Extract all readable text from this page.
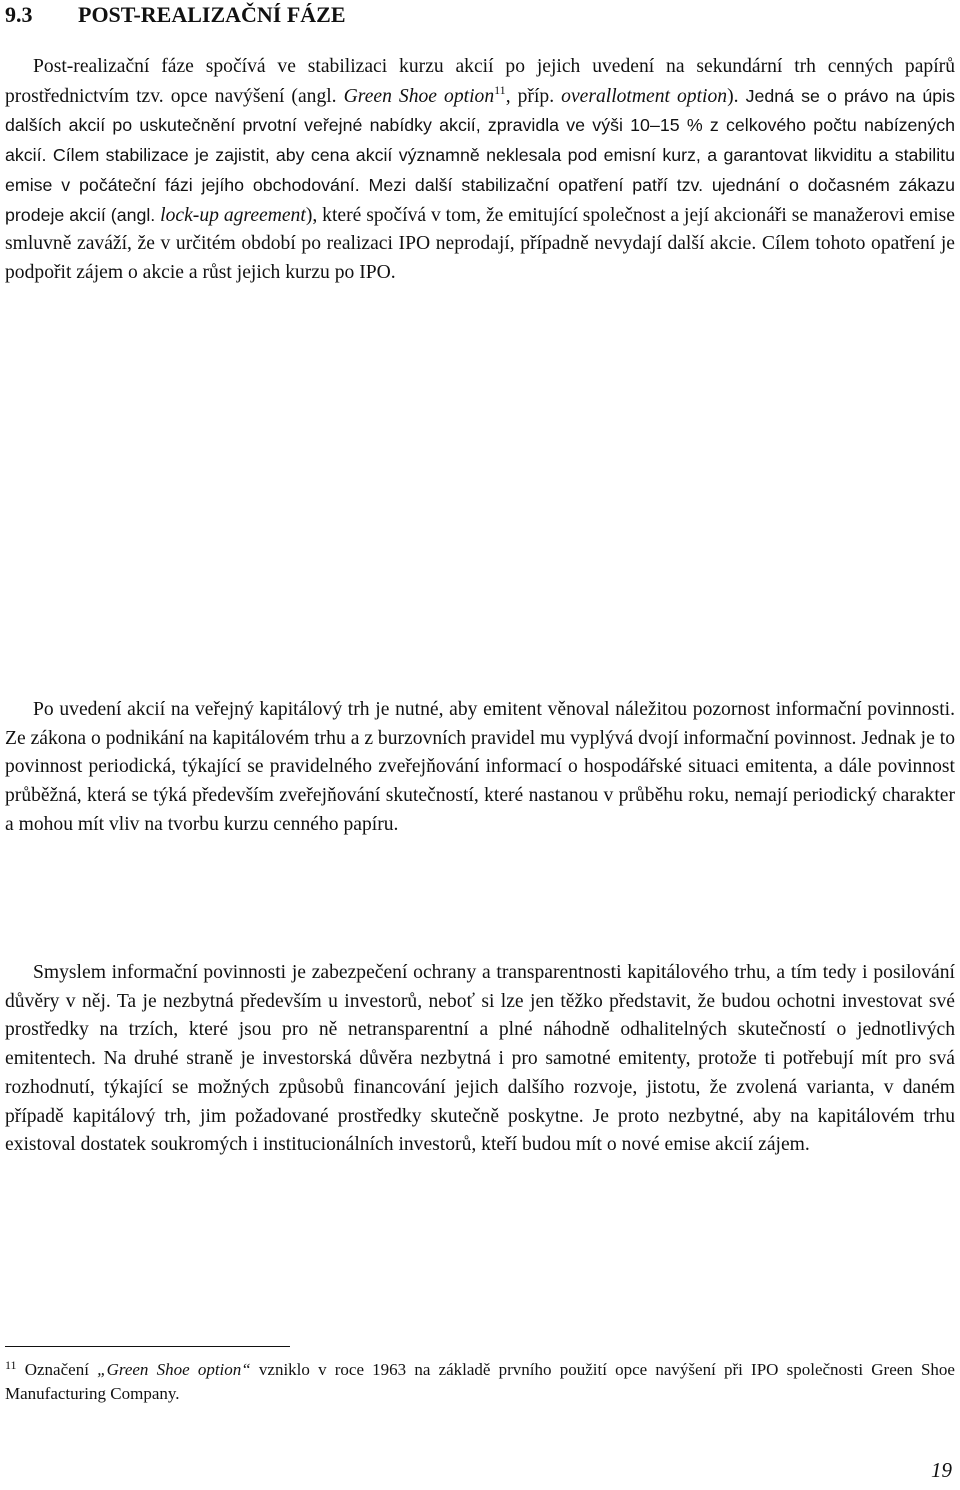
9.3 POST-REALIZAČNÍ FÁZE

Post-realizační fáze spočívá ve stabilizaci kurzu akcií po jejich uvedení na sekundární trh cenných papírů prostřednictvím tzv. opce navýšení (angl. Green Shoe option$^{11}$, příp. overallotment option). Jedná se o právo na úpis dalších akcií po uskutečnění prvotní veřejné nabídky akcií, zpravidla ve výši 10–15 % z celkového počtu nabízených akcií. Cílem stabilizace je zajistit, aby cena akcií významně neklesala pod emisní kurz, a garantovat likviditu a stabilitu emise v počáteční fázi jejího obchodování. Mezi další stabilizační opatření patří tzv. ujednání o dočasném zákazu prodeje akcií (angl. lock-up agreement), které spočívá v tom, že emitující společnost a její akcionáři se manažerovi emise smluvně zaváží, že v určitém období po realizaci IPO neprodají, případně nevydají další akcie. Cílem tohoto opatření je podpořit zájem o akcie a růst jejich kurzu po IPO.

Po uvedení akcií na veřejný kapitálový trh je nutné, aby emitent věnoval náležitou pozornost informační povinnosti. Ze zákona o podnikání na kapitálovém trhu a z burzovních pravidel mu vyplývá dvojí informační povinnost. Jednak je to povinnost periodická, týkající se pravidelného zveřejňování informací o hospodářské situaci emitenta, a dále povinnost průběžná, která se týká především zveřejňování skutečností, které nastanou v průběhu roku, nemají periodický charakter a mohou mít vliv na tvorbu kurzu cenného papíru.

Smyslem informační povinnosti je zabezpečení ochrany a transparentnosti kapitálového trhu, a tím tedy i posilování důvěry v něj. Ta je nezbytná především u investorů, neboť si lze jen těžko představit, že budou ochotni investovat své prostředky na trzích, které jsou pro ně netransparentní a plné náhodně odhalitelných skutečností o jednotlivých emitentech. Na druhé straně je investorská důvěra nezbytná i pro samotné emitenty, protože ti potřebují mít pro svá rozhodnutí, týkající se možných způsobů financování jejich dalšího rozvoje, jistotu, že zvolená varianta, v daném případě kapitálový trh, jim požadované prostředky skutečně poskytne. Je proto nezbytné, aby na kapitálovém trhu existoval dostatek soukromých i institucionálních investorů, kteří budou mít o nové emise akcií zájem.

$^{11}$ Označení „Green Shoe option“ vzniklo v roce 1963 na základě prvního použití opce navýšení při IPO společnosti Green Shoe Manufacturing Company.

19
